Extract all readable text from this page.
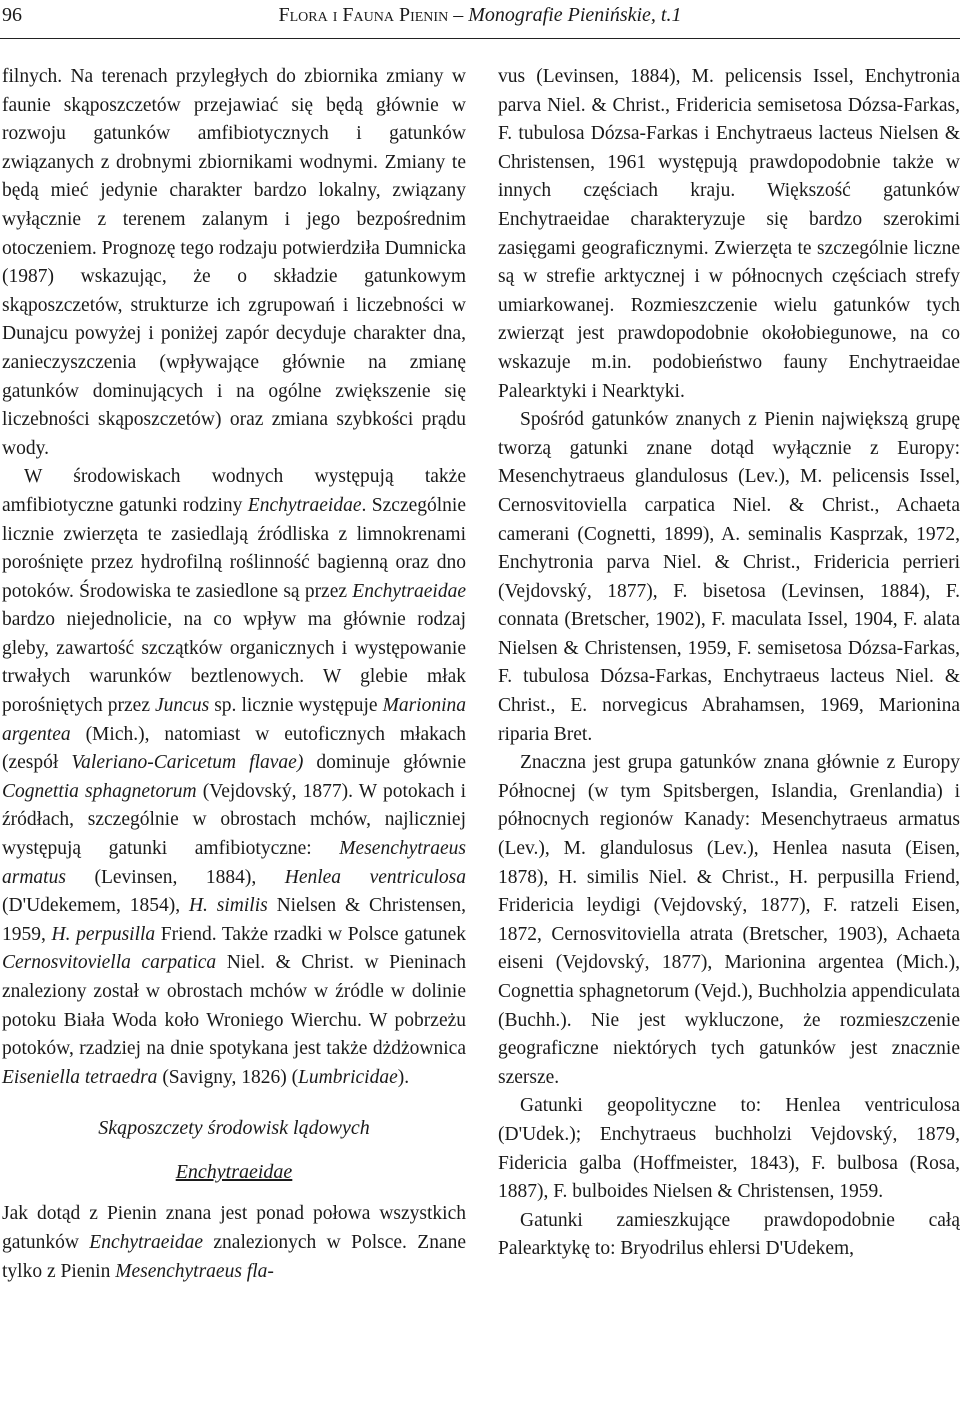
96	Flora i Fauna Pienin – Monografie Pienińskie, t.1

filnych. Na terenach przyległych do zbiornika zmiany w faunie skąposzczetów przejawiać się będą głównie w rozwoju gatunków amfibiotycznych i gatunków związanych z drobnymi zbiornikami wodnymi. Zmiany te będą mieć jedynie charakter bardzo lokalny, związany wyłącznie z terenem zalanym i jego bezpośrednim otoczeniem. Prognozę tego rodzaju potwierdziła Dumnicka (1987) wskazując, że o składzie gatunkowym skąposzczetów, strukturze ich zgrupowań i liczebności w Dunajcu powyżej i poniżej zapór decyduje charakter dna, zanieczyszczenia (wpływające głównie na zmianę gatunków dominujących i na ogólne zwiększenie się liczebności skąposzczetów) oraz zmiana szybkości prądu wody.

W środowiskach wodnych występują także amfibiotyczne gatunki rodziny Enchytraeidae. Szczególnie licznie zwierzęta te zasiedlają źródliska z limnokrenami porośnięte przez hydrofilną roślinność bagienną oraz dno potoków. Środowiska te zasiedlone są przez Enchytraeidae bardzo niejednolicie, na co wpływ ma głównie rodzaj gleby, zawartość szczątków organicznych i występowanie trwałych warunków beztlenowych. W glebie młak porośniętych przez Juncus sp. licznie występuje Marionina argentea (Mich.), natomiast w eutoficznych młakach (zespół Valeriano-Caricetum flavae) dominuje głównie Cognettia sphagnetorum (Vejdovský, 1877). W potokach i źródłach, szczególnie w obrostach mchów, najliczniej występują gatunki amfibiotyczne: Mesenchytraeus armatus (Levinsen, 1884), Henlea ventriculosa (D'Udekemem, 1854), H. similis Nielsen & Christensen, 1959, H. perpusilla Friend. Także rzadki w Polsce gatunek Cernosvitoviella carpatica Niel. & Christ. w Pieninach znaleziony został w obrostach mchów w źródle w dolinie potoku Biała Woda koło Wroniego Wierchu. W pobrzeżu potoków, rzadziej na dnie spotykana jest także dżdżownica Eiseniella tetraedra (Savigny, 1826) (Lumbricidae).

Skąposzczety środowisk lądowych
Enchytraeidae

Jak dotąd z Pienin znana jest ponad połowa wszystkich gatunków Enchytraeidae znalezionych w Polsce. Znane tylko z Pienin Mesenchytraeus fla-

vus (Levinsen, 1884), M. pelicensis Issel, Enchytronia parva Niel. & Christ., Fridericia semisetosa Dózsa-Farkas, F. tubulosa Dózsa-Farkas i Enchytraeus lacteus Nielsen & Christensen, 1961 występują prawdopodobnie także w innych częściach kraju. Większość gatunków Enchytraeidae charakteryzuje się bardzo szerokimi zasięgami geograficznymi. Zwierzęta te szczególnie liczne są w strefie arktycznej i w północnych częściach strefy umiarkowanej. Rozmieszczenie wielu gatunków tych zwierząt jest prawdopodobnie okołobiegunowe, na co wskazuje m.in. podobieństwo fauny Enchytraeidae Palearktyki i Nearktyki.

Spośród gatunków znanych z Pienin największą grupę tworzą gatunki znane dotąd wyłącznie z Europy: Mesenchytraeus glandulosus (Lev.), M. pelicensis Issel, Cernosvitoviella carpatica Niel. & Christ., Achaeta camerani (Cognetti, 1899), A. seminalis Kasprzak, 1972, Enchytronia parva Niel. & Christ., Fridericia perrieri (Vejdovský, 1877), F. bisetosa (Levinsen, 1884), F. connata (Bretscher, 1902), F. maculata Issel, 1904, F. alata Nielsen & Christensen, 1959, F. semisetosa Dózsa-Farkas, F. tubulosa Dózsa-Farkas, Enchytraeus lacteus Niel. & Christ., E. norvegicus Abrahamsen, 1969, Marionina riparia Bret.

Znaczna jest grupa gatunków znana głównie z Europy Północnej (w tym Spitsbergen, Islandia, Grenlandia) i północnych regionów Kanady: Mesenchytraeus armatus (Lev.), M. glandulosus (Lev.), Henlea nasuta (Eisen, 1878), H. similis Niel. & Christ., H. perpusilla Friend, Fridericia leydigi (Vejdovský, 1877), F. ratzeli Eisen, 1872, Cernosvitoviella atrata (Bretscher, 1903), Achaeta eiseni (Vejdovský, 1877), Marionina argentea (Mich.), Cognettia sphagnetorum (Vejd.), Buchholzia appendiculata (Buchh.). Nie jest wykluczone, że rozmieszczenie geograficzne niektórych tych gatunków jest znacznie szersze.

Gatunki geopolityczne to: Henlea ventriculosa (D'Udek.); Enchytraeus buchholzi Vejdovský, 1879, Fidericia galba (Hoffmeister, 1843), F. bulbosa (Rosa, 1887), F. bulboides Nielsen & Christensen, 1959.

Gatunki zamieszkujące prawdopodobnie całą Palearktykę to: Bryodrilus ehlersi D'Udekem,
